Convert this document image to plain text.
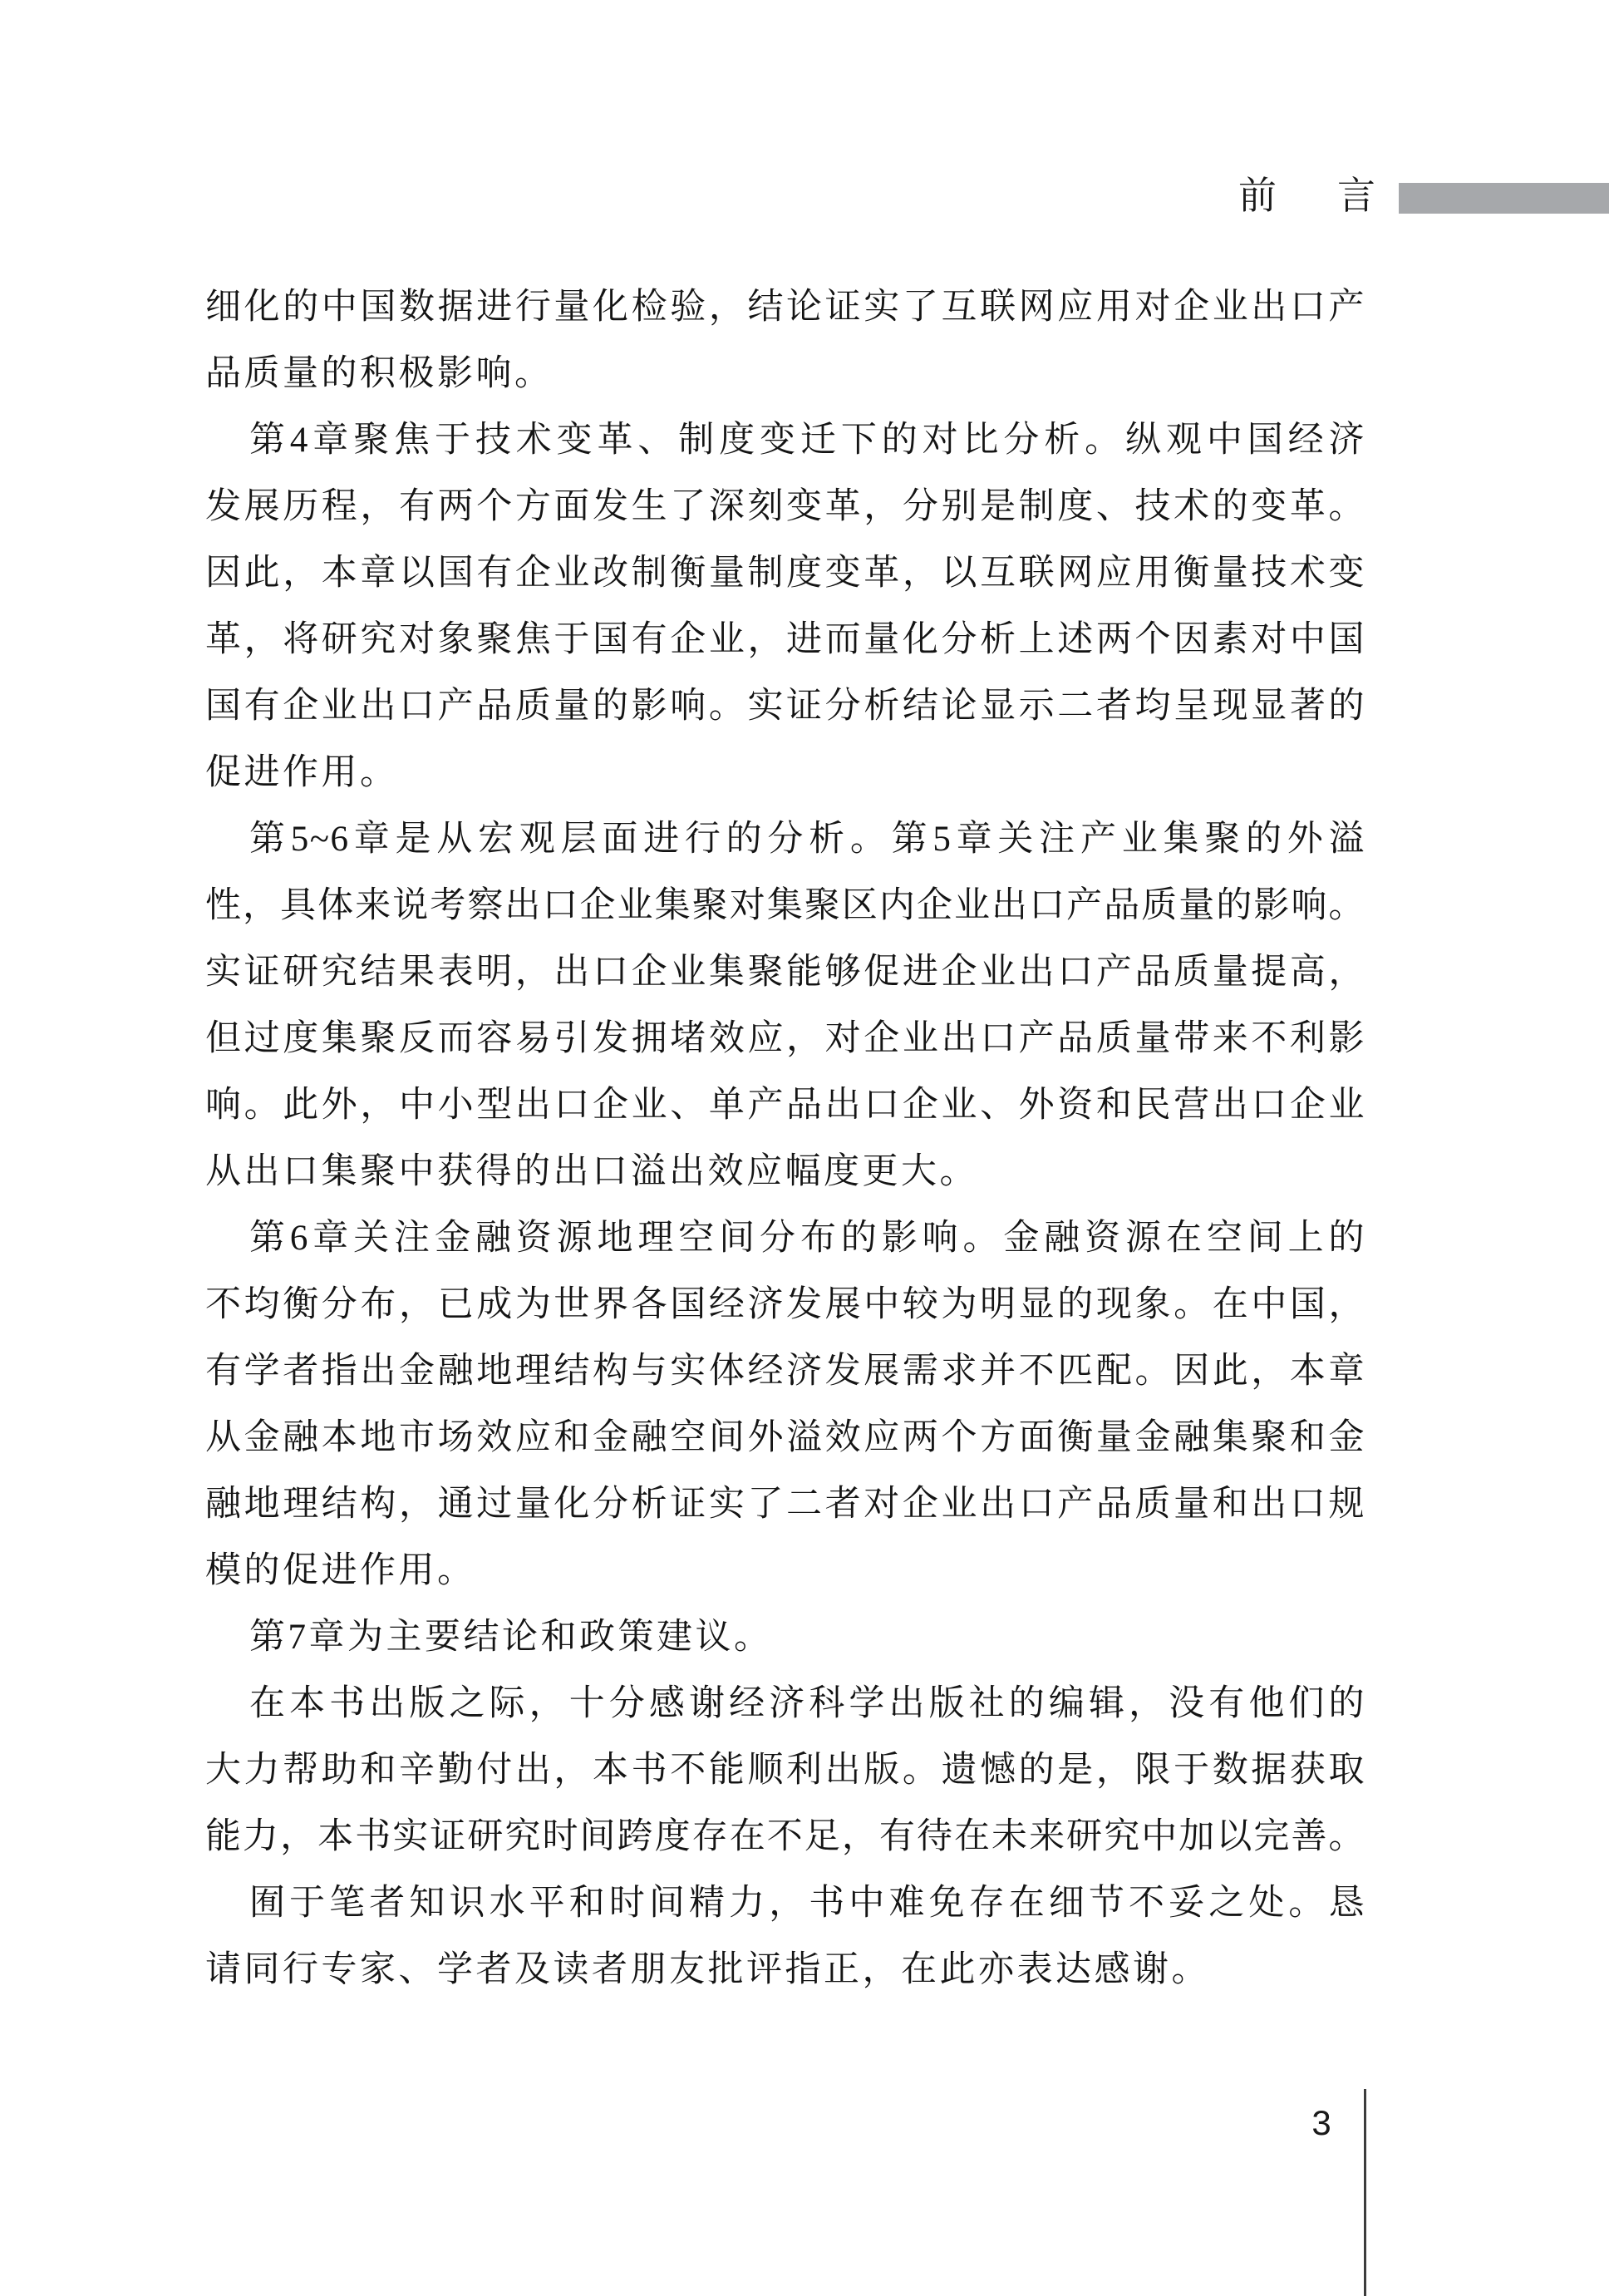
前 言
细化的中国数据进行量化检验，结论证实了互联网应用对企业出口产
品质量的积极影响。
第4章聚焦于技术变革、制度变迁下的对比分析。纵观中国经济
发展历程，有两个方面发生了深刻变革，分别是制度、技术的变革。
因此，本章以国有企业改制衡量制度变革，以互联网应用衡量技术变
革，将研究对象聚焦于国有企业，进而量化分析上述两个因素对中国
国有企业出口产品质量的影响。实证分析结论显示二者均呈现显著的
促进作用。
第5~6章是从宏观层面进行的分析。第5章关注产业集聚的外溢
性，具体来说考察出口企业集聚对集聚区内企业出口产品质量的影响。
实证研究结果表明，出口企业集聚能够促进企业出口产品质量提高，
但过度集聚反而容易引发拥堵效应，对企业出口产品质量带来不利影
响。此外，中小型出口企业、单产品出口企业、外资和民营出口企业
从出口集聚中获得的出口溢出效应幅度更大。
第6章关注金融资源地理空间分布的影响。金融资源在空间上的
不均衡分布，已成为世界各国经济发展中较为明显的现象。在中国，
有学者指出金融地理结构与实体经济发展需求并不匹配。因此，本章
从金融本地市场效应和金融空间外溢效应两个方面衡量金融集聚和金
融地理结构，通过量化分析证实了二者对企业出口产品质量和出口规
模的促进作用。
第7章为主要结论和政策建议。
在本书出版之际，十分感谢经济科学出版社的编辑，没有他们的
大力帮助和辛勤付出，本书不能顺利出版。遗憾的是，限于数据获取
能力，本书实证研究时间跨度存在不足，有待在未来研究中加以完善。
囿于笔者知识水平和时间精力，书中难免存在细节不妥之处。恳
请同行专家、学者及读者朋友批评指正，在此亦表达感谢。
3
